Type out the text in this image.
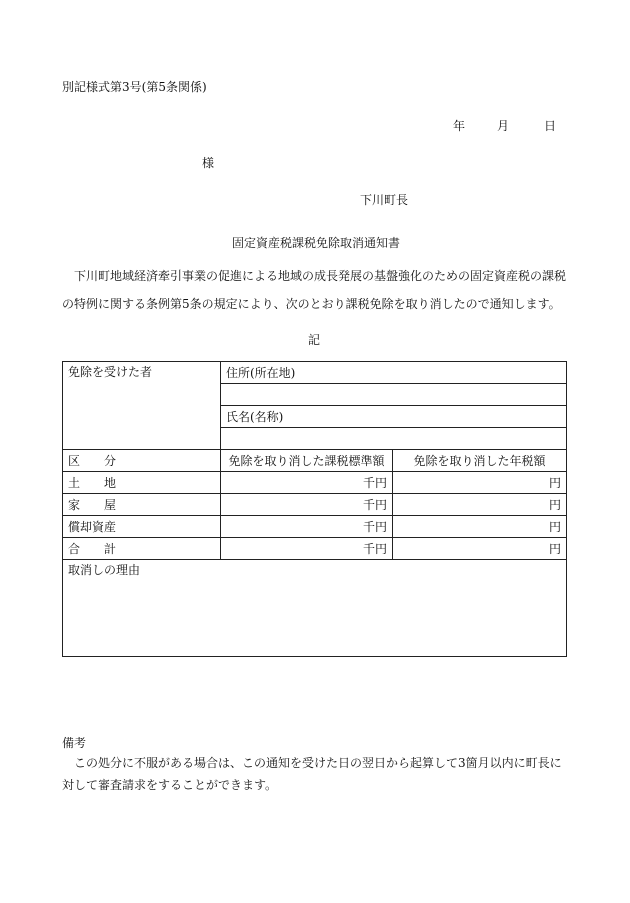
別記様式第3号(第5条関係)
年	月	日
様
下川町長
固定資産税課税免除取消通知書
下川町地域経済牽引事業の促進による地域の成長発展の基盤強化のための固定資産税の課税の特例に関する条例第5条の規定により、次のとおり課税免除を取り消したので通知します。
記
免除を受けた者	住所(所在地)	

	氏名(名称)	

区 分	免除を取り消した課税標準額	免除を取り消した年税額
土 地	千円	円
家 屋	千円	円
償却資産	千円	円
合 計	千円	円
取消しの理由		
備考
この処分に不服がある場合は、この通知を受けた日の翌日から起算して3箇月以内に町長に対して審査請求をすることができます。
